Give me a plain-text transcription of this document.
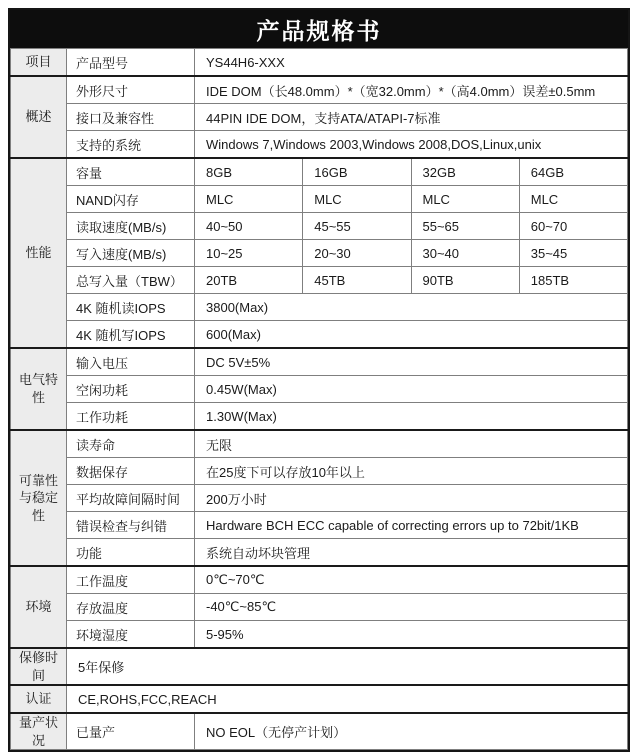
产品规格书
项目	产品型号	YS44H6-XXX			
概述	外形尺寸	IDE DOM（长48.0mm）*（宽32.0mm）*（高4.0mm）误差±0.5mm			
	接口及兼容性	44PIN IDE DOM，支持ATA/ATAPI-7标准			
	支持的系统	Windows 7,Windows 2003,Windows 2008,DOS,Linux,unix			
性能	容量	8GB	16GB	32GB	64GB
	NAND闪存	MLC	MLC	MLC	MLC
	读取速度(MB/s)	40~50	45~55	55~65	60~70
	写入速度(MB/s)	10~25	20~30	30~40	35~45
	总写入量（TBW）	20TB	45TB	90TB	185TB
	4K 随机读IOPS	3800(Max)			
	4K 随机写IOPS	600(Max)			
电气特性	输入电压	DC 5V±5%			
	空闲功耗	0.45W(Max)			
	工作功耗	1.30W(Max)			
可靠性与稳定性	读寿命	无限			
	数据保存	在25度下可以存放10年以上			
	平均故障间隔时间	200万小时			
	错误检查与纠错	Hardware BCH ECC capable of correcting errors up to 72bit/1KB			
	功能	系统自动坏块管理			
环境	工作温度	0℃~70℃			
	存放温度	-40℃~85℃			
	环境湿度	5-95%			
保修时间	5年保修				
认证	CE,ROHS,FCC,REACH				
量产状况	已量产	NO EOL（无停产计划）			
